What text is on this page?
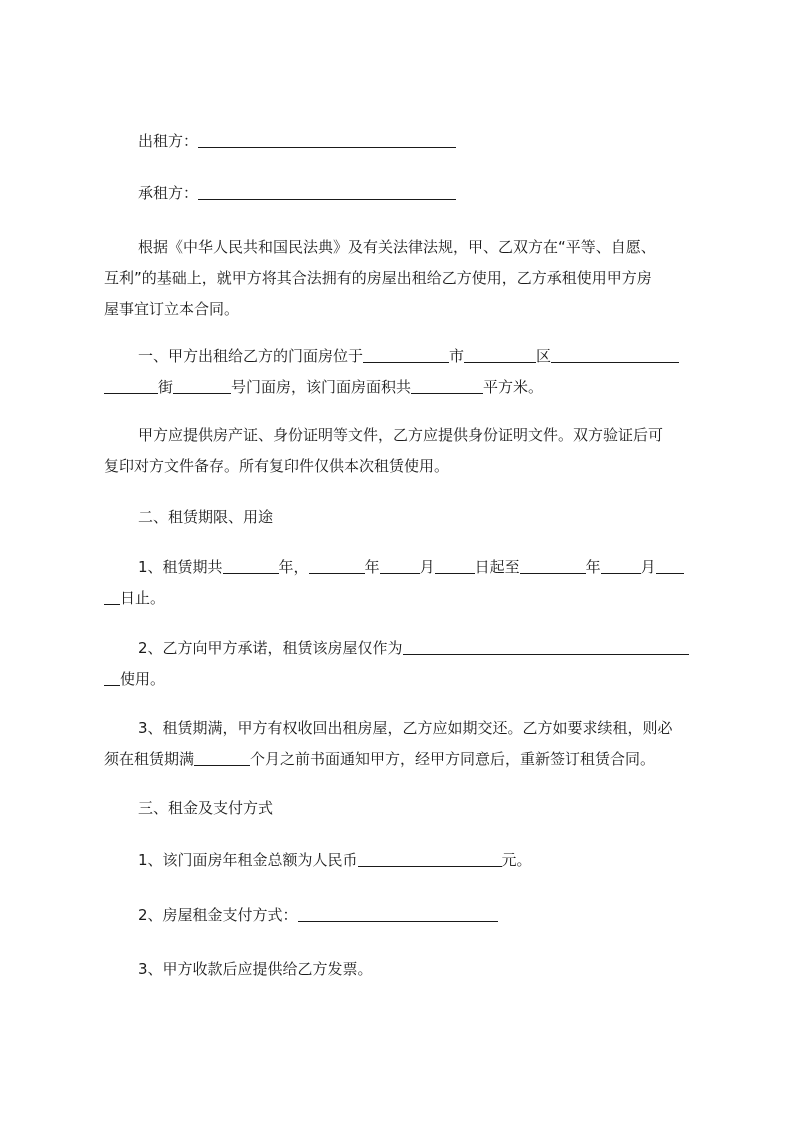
出租方：

承租方：

根据《中华人民共和国民法典》及有关法律法规，甲、乙双方在“平等、自愿、

互利”的基础上，就甲方将其合法拥有的房屋出租给乙方使用，乙方承租使用甲方房

屋事宜订立本合同。

一、甲方出租给乙方的门面房位于	市	区

街	号门面房，该门面房面积共	平方米。

甲方应提供房产证、身份证明等文件，乙方应提供身份证明文件。双方验证后可

复印对方文件备存。所有复印件仅供本次租赁使用。

二、租赁期限、用途

1、租赁期共	年，	年	月	日起至	年	月

日止。

2、乙方向甲方承诺，租赁该房屋仅作为

使用。

3、租赁期满，甲方有权收回出租房屋，乙方应如期交还。乙方如要求续租，则必

须在租赁期满	个月之前书面通知甲方，经甲方同意后，重新签订租赁合同。

三、租金及支付方式

1、该门面房年租金总额为人民币	元。

2、房屋租金支付方式：

3、甲方收款后应提供给乙方发票。
